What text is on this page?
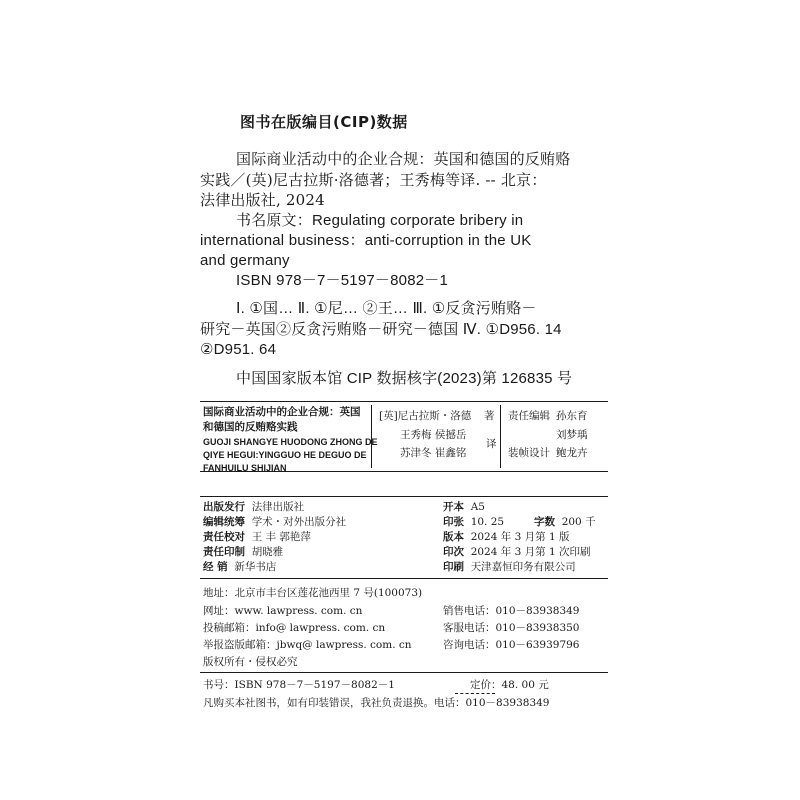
图书在版编目(CIP)数据
国际商业活动中的企业合规：英国和德国的反贿赂
实践／(英)尼古拉斯·洛德著；王秀梅等译. -- 北京：
法律出版社, 2024
书名原文：Regulating corporate bribery in
international business：anti-corruption in the UK
and germany
ISBN 978－7－5197－8082－1
Ⅰ. ①国… Ⅱ. ①尼… ②王… Ⅲ. ①反贪污贿赂－
研究－英国②反贪污贿赂－研究－德国 Ⅳ. ①D956. 14
②D951. 64
中国国家版本馆 CIP 数据核字(2023)第 126835 号
国际商业活动中的企业合规：英国
和德国的反贿赂实践
GUOJI SHANGYE HUODONG ZHONG DE
QIYE HEGUI:YINGGUO HE DEGUO DE
FANHUILU SHIJIAN
[英]尼古拉斯・洛德 著
王秀梅 侯撼岳
苏津冬 崔鑫铭
译
责任编辑 孙东育
刘梦瑀
装帧设计 鲍龙卉
出版发行 法律出版社
编辑统筹 学术・对外出版分社
责任校对 王 丰 郭艳萍
责任印制 胡晓雅
经 销 新华书店
开本 A5
印张 10. 25	字数 200 千
版本 2024 年 3 月第 1 版
印次 2024 年 3 月第 1 次印刷
印刷 天津嘉恒印务有限公司
地址：北京市丰台区莲花池西里 7 号(100073)
网址：www. lawpress. com. cn
投稿邮箱：info@ lawpress. com. cn
举报盗版邮箱：jbwq@ lawpress. com. cn
版权所有・侵权必究
销售电话：010－83938349
客服电话：010－83938350
咨询电话：010－63939796
书号：ISBN 978－7－5197－8082－1	定价：48. 00 元
凡购买本社图书，如有印装错误，我社负责退换。电话：010－83938349
